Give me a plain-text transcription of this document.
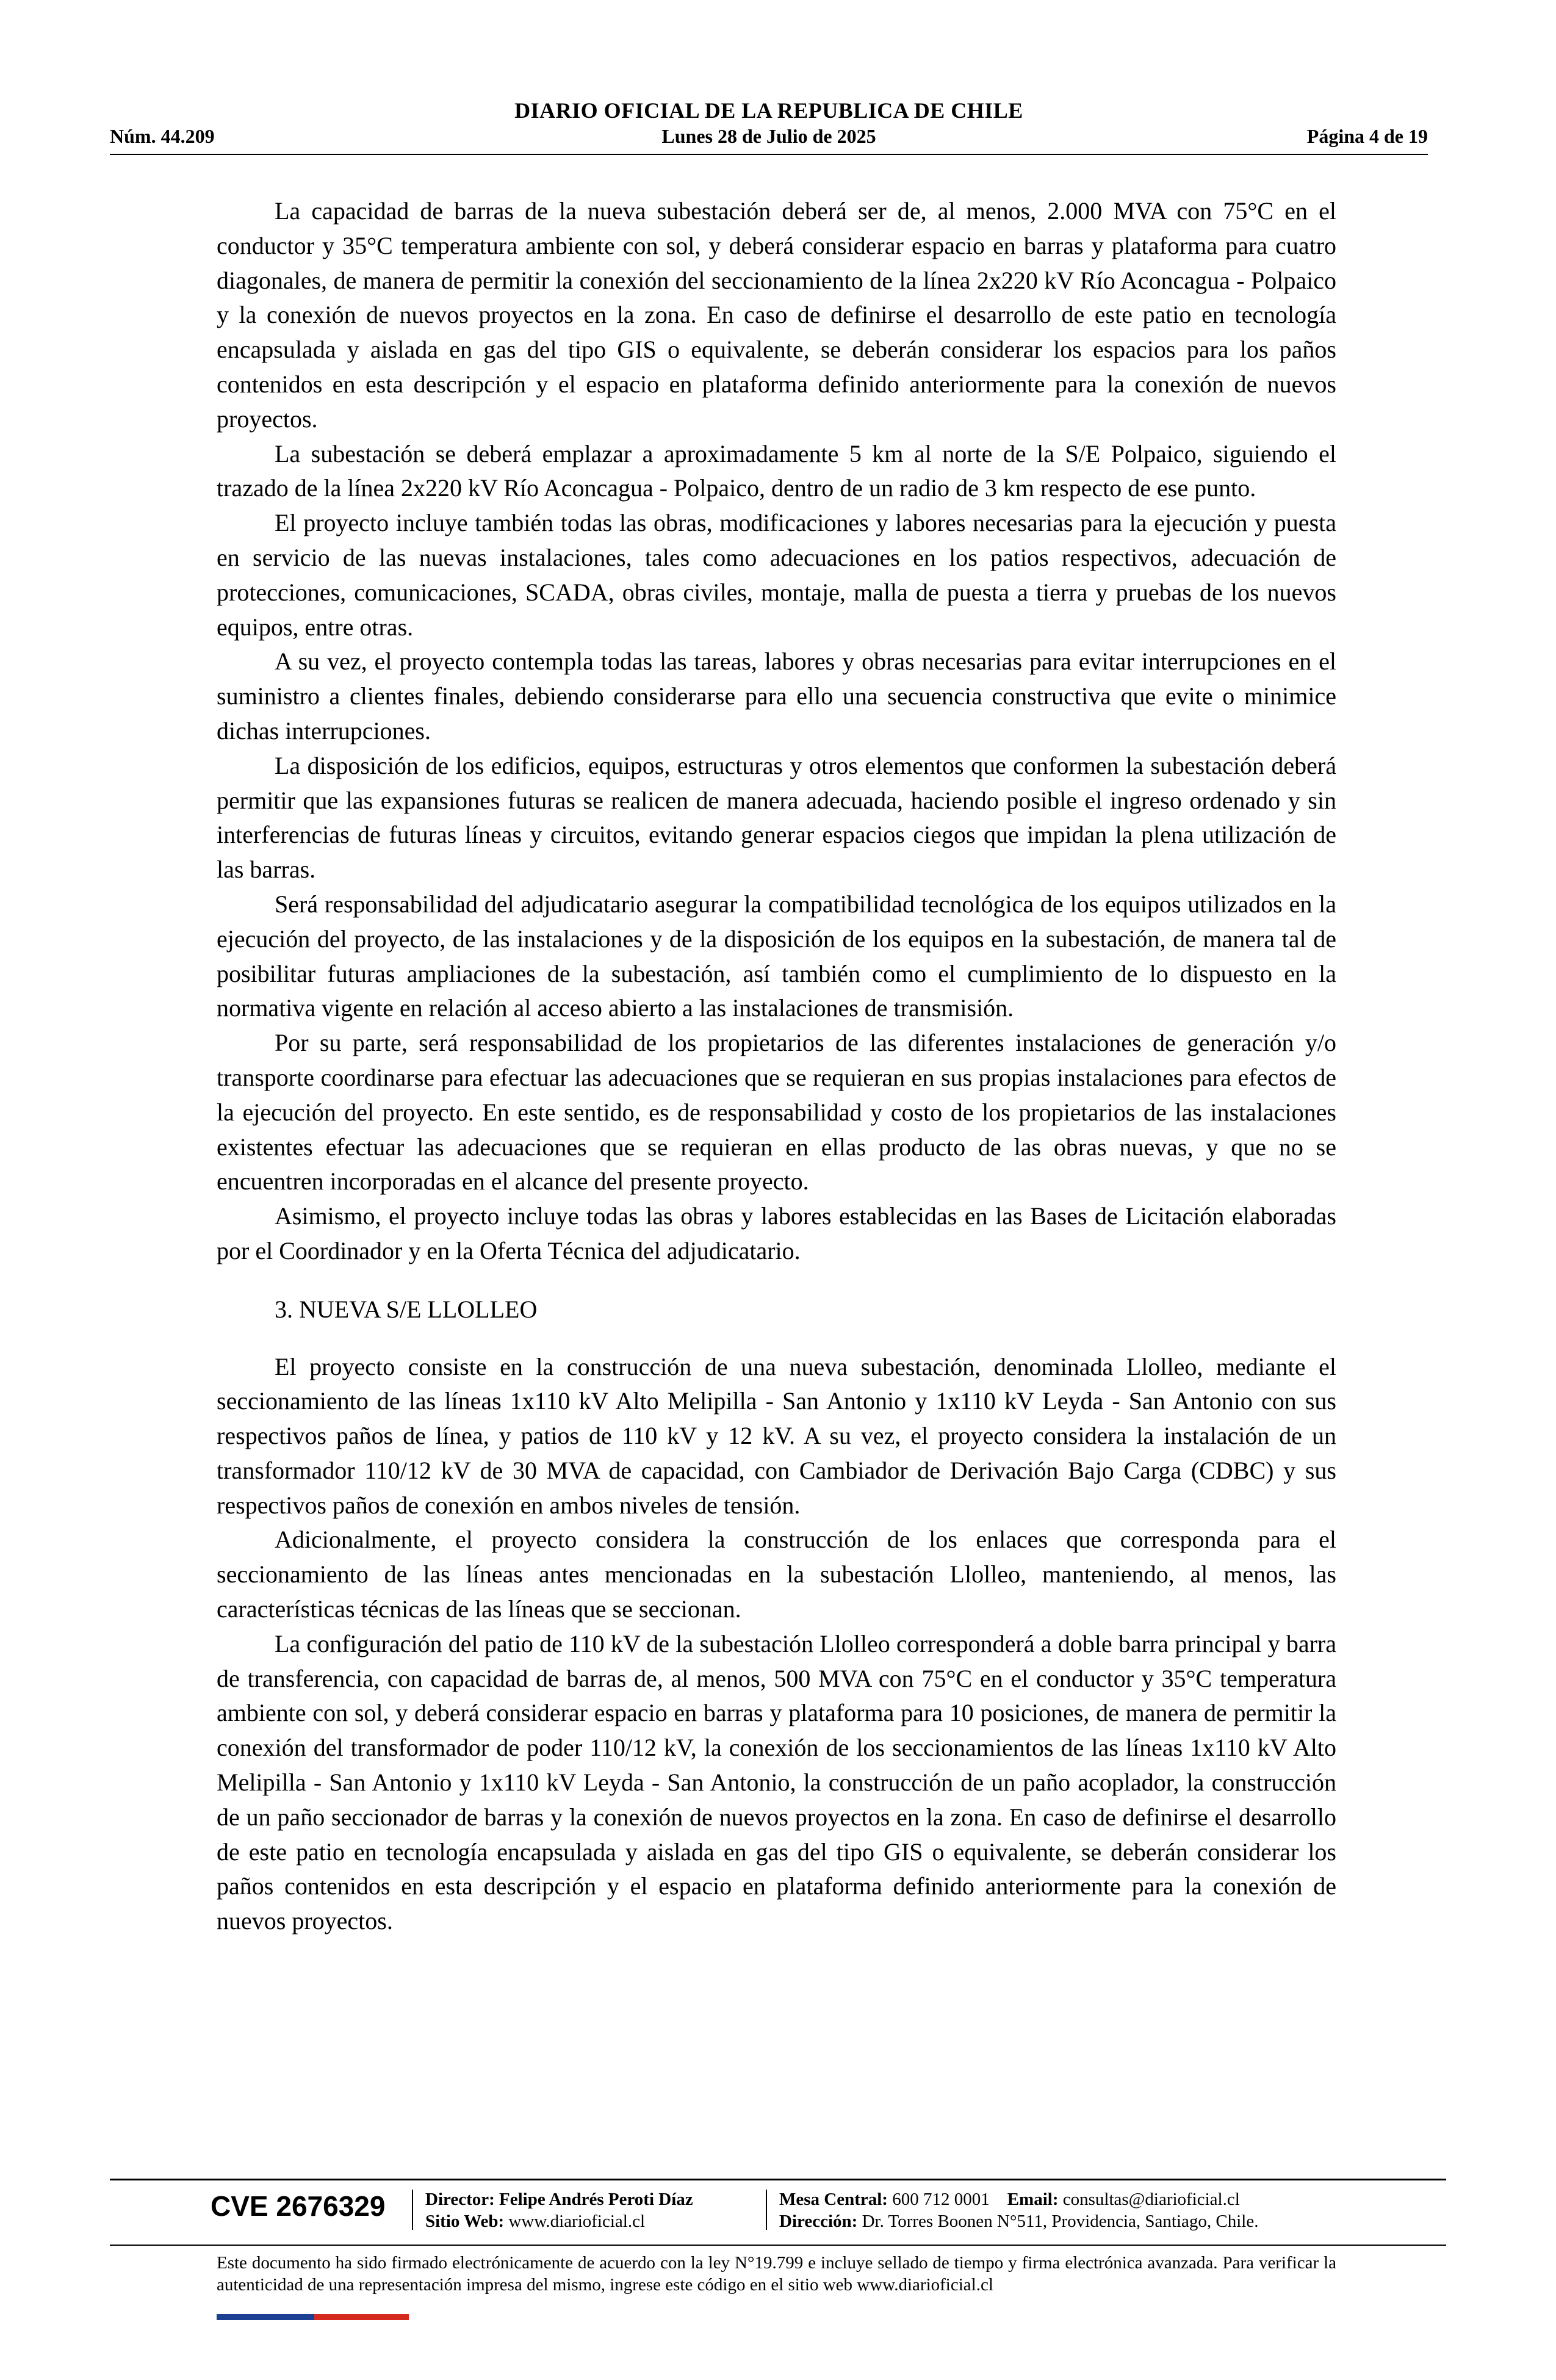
DIARIO OFICIAL DE LA REPUBLICA DE CHILE
Núm. 44.209	Lunes 28 de Julio de 2025	Página 4 de 19

La capacidad de barras de la nueva subestación deberá ser de, al menos, 2.000 MVA con 75°C en el conductor y 35°C temperatura ambiente con sol, y deberá considerar espacio en barras y plataforma para cuatro diagonales, de manera de permitir la conexión del seccionamiento de la línea 2x220 kV Río Aconcagua - Polpaico y la conexión de nuevos proyectos en la zona. En caso de definirse el desarrollo de este patio en tecnología encapsulada y aislada en gas del tipo GIS o equivalente, se deberán considerar los espacios para los paños contenidos en esta descripción y el espacio en plataforma definido anteriormente para la conexión de nuevos proyectos.

La subestación se deberá emplazar a aproximadamente 5 km al norte de la S/E Polpaico, siguiendo el trazado de la línea 2x220 kV Río Aconcagua - Polpaico, dentro de un radio de 3 km respecto de ese punto.

El proyecto incluye también todas las obras, modificaciones y labores necesarias para la ejecución y puesta en servicio de las nuevas instalaciones, tales como adecuaciones en los patios respectivos, adecuación de protecciones, comunicaciones, SCADA, obras civiles, montaje, malla de puesta a tierra y pruebas de los nuevos equipos, entre otras.

A su vez, el proyecto contempla todas las tareas, labores y obras necesarias para evitar interrupciones en el suministro a clientes finales, debiendo considerarse para ello una secuencia constructiva que evite o minimice dichas interrupciones.

La disposición de los edificios, equipos, estructuras y otros elementos que conformen la subestación deberá permitir que las expansiones futuras se realicen de manera adecuada, haciendo posible el ingreso ordenado y sin interferencias de futuras líneas y circuitos, evitando generar espacios ciegos que impidan la plena utilización de las barras.

Será responsabilidad del adjudicatario asegurar la compatibilidad tecnológica de los equipos utilizados en la ejecución del proyecto, de las instalaciones y de la disposición de los equipos en la subestación, de manera tal de posibilitar futuras ampliaciones de la subestación, así también como el cumplimiento de lo dispuesto en la normativa vigente en relación al acceso abierto a las instalaciones de transmisión.

Por su parte, será responsabilidad de los propietarios de las diferentes instalaciones de generación y/o transporte coordinarse para efectuar las adecuaciones que se requieran en sus propias instalaciones para efectos de la ejecución del proyecto. En este sentido, es de responsabilidad y costo de los propietarios de las instalaciones existentes efectuar las adecuaciones que se requieran en ellas producto de las obras nuevas, y que no se encuentren incorporadas en el alcance del presente proyecto.

Asimismo, el proyecto incluye todas las obras y labores establecidas en las Bases de Licitación elaboradas por el Coordinador y en la Oferta Técnica del adjudicatario.

3. NUEVA S/E LLOLLEO

El proyecto consiste en la construcción de una nueva subestación, denominada Llolleo, mediante el seccionamiento de las líneas 1x110 kV Alto Melipilla - San Antonio y 1x110 kV Leyda - San Antonio con sus respectivos paños de línea, y patios de 110 kV y 12 kV. A su vez, el proyecto considera la instalación de un transformador 110/12 kV de 30 MVA de capacidad, con Cambiador de Derivación Bajo Carga (CDBC) y sus respectivos paños de conexión en ambos niveles de tensión.

Adicionalmente, el proyecto considera la construcción de los enlaces que corresponda para el seccionamiento de las líneas antes mencionadas en la subestación Llolleo, manteniendo, al menos, las características técnicas de las líneas que se seccionan.

La configuración del patio de 110 kV de la subestación Llolleo corresponderá a doble barra principal y barra de transferencia, con capacidad de barras de, al menos, 500 MVA con 75°C en el conductor y 35°C temperatura ambiente con sol, y deberá considerar espacio en barras y plataforma para 10 posiciones, de manera de permitir la conexión del transformador de poder 110/12 kV, la conexión de los seccionamientos de las líneas 1x110 kV Alto Melipilla - San Antonio y 1x110 kV Leyda - San Antonio, la construcción de un paño acoplador, la construcción de un paño seccionador de barras y la conexión de nuevos proyectos en la zona. En caso de definirse el desarrollo de este patio en tecnología encapsulada y aislada en gas del tipo GIS o equivalente, se deberán considerar los paños contenidos en esta descripción y el espacio en plataforma definido anteriormente para la conexión de nuevos proyectos.

CVE 2676329 Director: Felipe Andrés Peroti Díaz
Sitio Web: www.diarioficial.cl
Mesa Central: 600 712 0001 Email: consultas@diarioficial.cl
Dirección: Dr. Torres Boonen N°511, Providencia, Santiago, Chile.
Este documento ha sido firmado electrónicamente de acuerdo con la ley N°19.799 e incluye sellado de tiempo y firma electrónica avanzada. Para verificar la autenticidad de una representación impresa del mismo, ingrese este código en el sitio web www.diarioficial.cl
